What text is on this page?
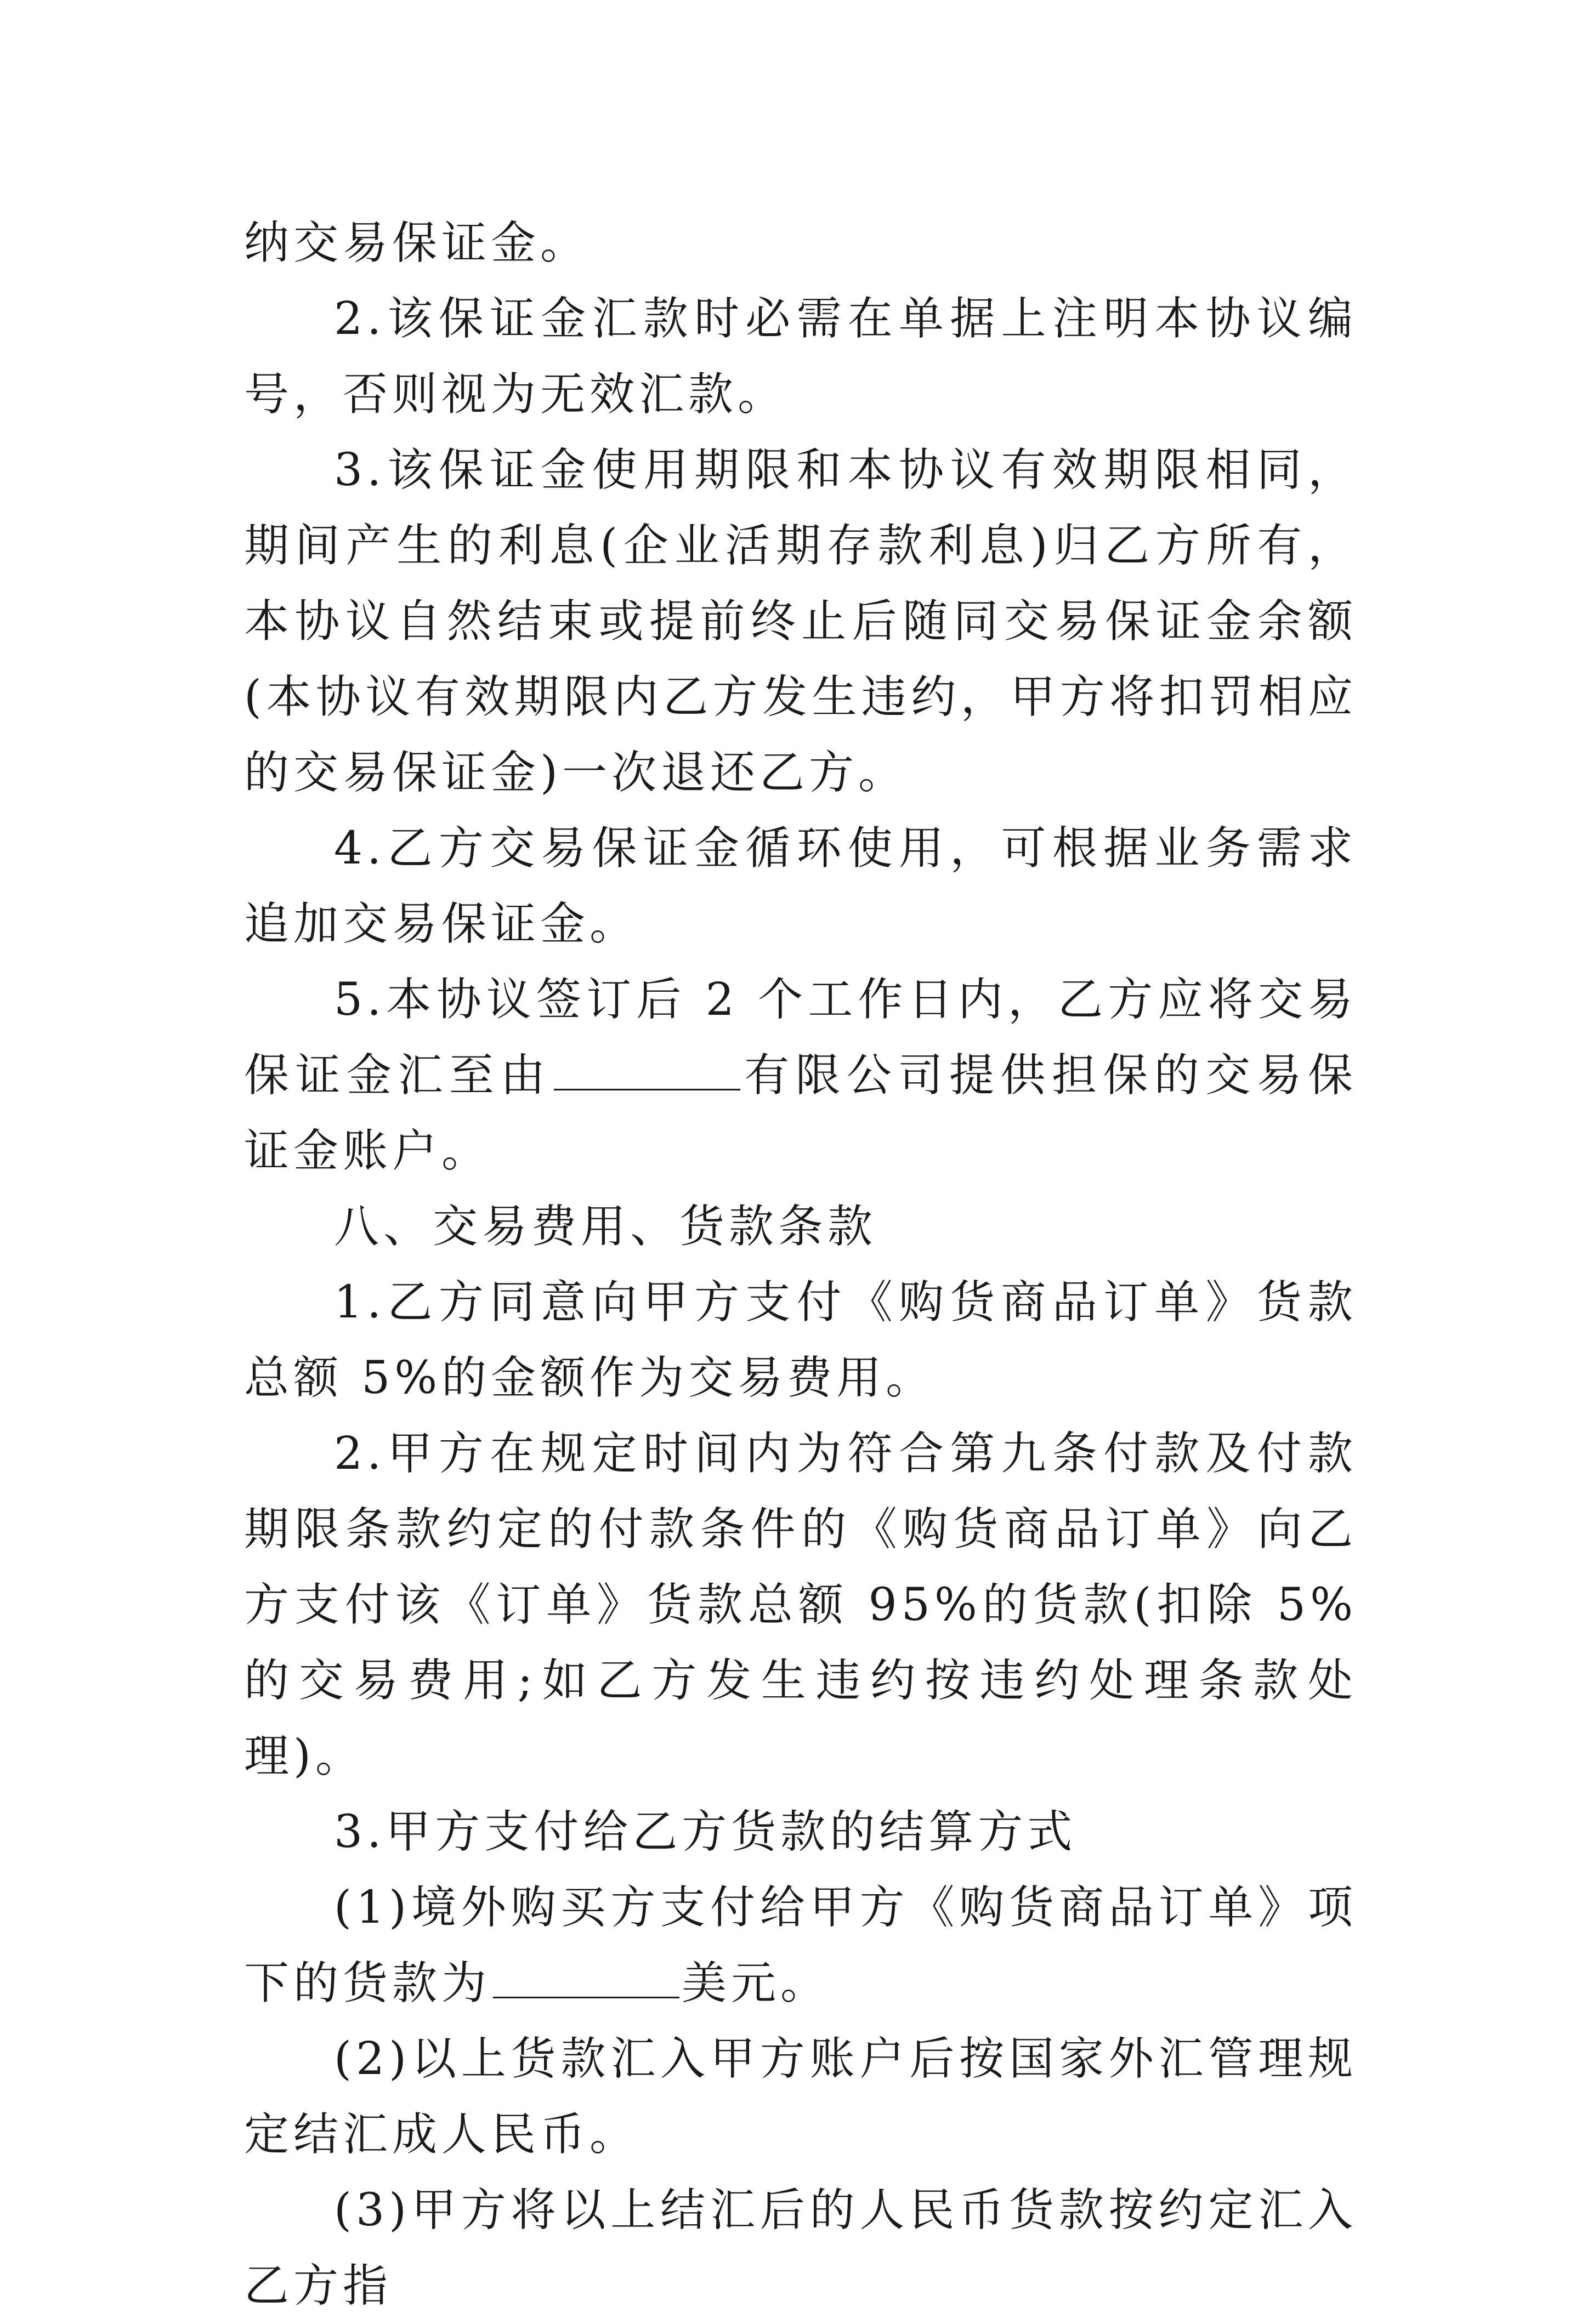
纳交易保证金。

2.该保证金汇款时必需在单据上注明本协议编号，否则视为无效汇款。

3.该保证金使用期限和本协议有效期限相同，期间产生的利息(企业活期存款利息)归乙方所有，本协议自然结束或提前终止后随同交易保证金余额(本协议有效期限内乙方发生违约，甲方将扣罚相应的交易保证金)一次退还乙方。

4.乙方交易保证金循环使用，可根据业务需求追加交易保证金。

5.本协议签订后 2 个工作日内，乙方应将交易保证金汇至由	有限公司提供担保的交易保证金账户。

八、交易费用、货款条款

1.乙方同意向甲方支付《购货商品订单》货款总额 5%的金额作为交易费用。

2.甲方在规定时间内为符合第九条付款及付款期限条款约定的付款条件的《购货商品订单》向乙方支付该《订单》货款总额 95%的货款(扣除 5%的交易费用;如乙方发生违约按违约处理条款处理)。

3.甲方支付给乙方货款的结算方式

(1)境外购买方支付给甲方《购货商品订单》项下的货款为	美元。

(2)以上货款汇入甲方账户后按国家外汇管理规定结汇成人民币。

(3)甲方将以上结汇后的人民币货款按约定汇入乙方指
